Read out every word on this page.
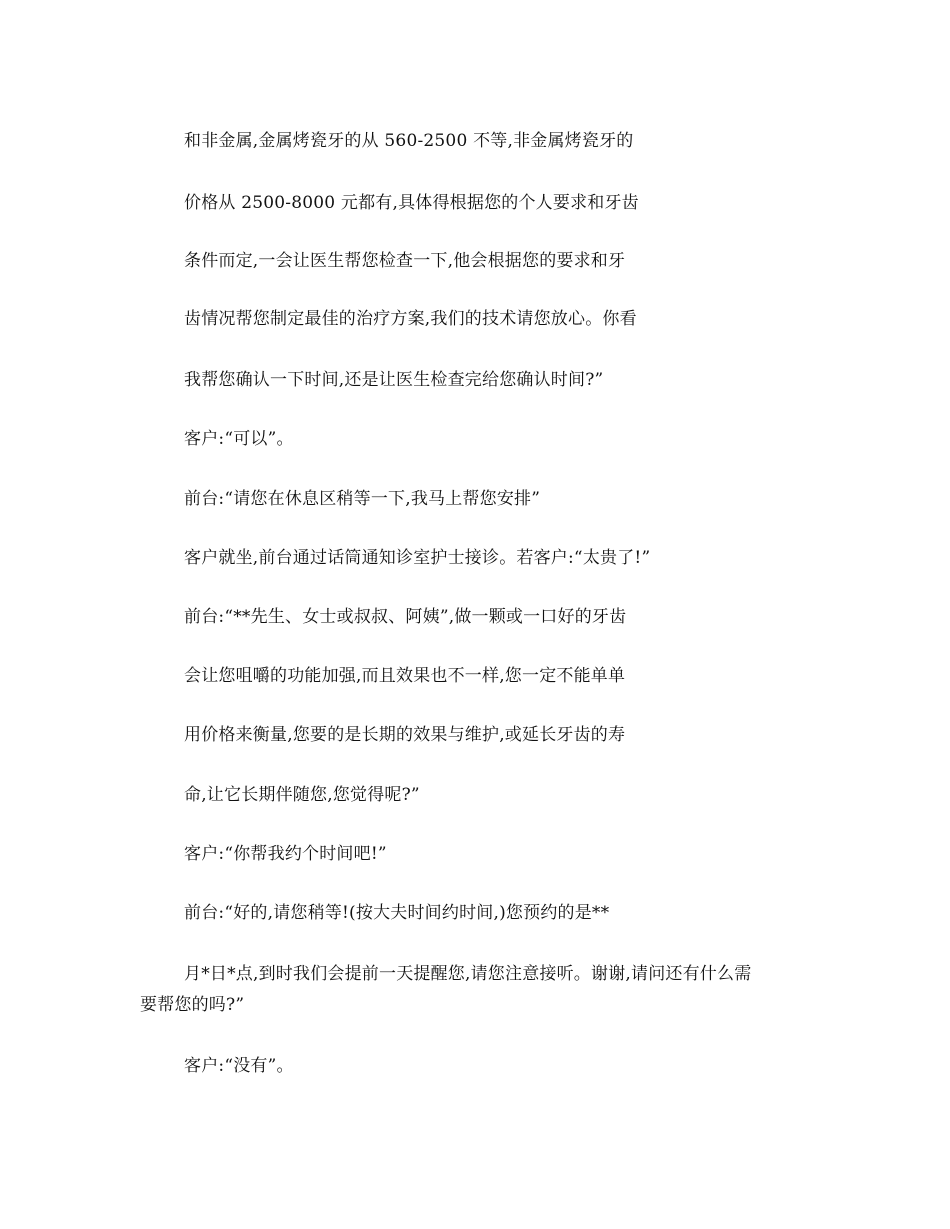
和非金属,金属烤瓷牙的从 560-2500 不等,非金属烤瓷牙的
价格从 2500-8000 元都有,具体得根据您的个人要求和牙齿
条件而定,一会让医生帮您检查一下,他会根据您的要求和牙
齿情况帮您制定最佳的治疗方案,我们的技术请您放心。你看
我帮您确认一下时间,还是让医生检查完给您确认时间?”
客户:“可以”。
前台:“请您在休息区稍等一下,我马上帮您安排”
客户就坐,前台通过话筒通知诊室护士接诊。若客户:“太贵了!”
前台:“**先生、女士或叔叔、阿姨”,做一颗或一口好的牙齿
会让您咀嚼的功能加强,而且效果也不一样,您一定不能单单
用价格来衡量,您要的是长期的效果与维护,或延长牙齿的寿
命,让它长期伴随您,您觉得呢?”
客户:“你帮我约个时间吧!”
前台:“好的,请您稍等!(按大夫时间约时间,)您预约的是**
月*日*点,到时我们会提前一天提醒您,请您注意接听。谢谢,请问还有什么需
要帮您的吗?”
客户:“没有”。
